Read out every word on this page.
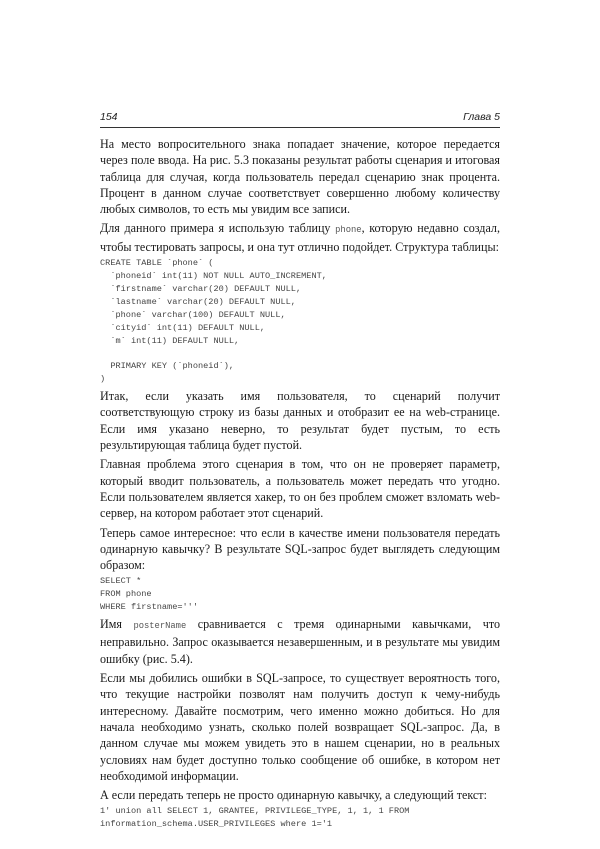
154	Глава 5

На место вопросительного знака попадает значение, которое передается через поле ввода. На рис. 5.3 показаны результат работы сценария и итоговая таблица для случая, когда пользователь передал сценарию знак процента. Процент в данном случае соответствует совершенно любому количеству любых символов, то есть мы увидим все записи.

Для данного примера я использую таблицу phone, которую недавно создал, чтобы тестировать запросы, и она тут отлично подойдет. Структура таблицы:

CREATE TABLE `phone` (
`phoneid` int(11) NOT NULL AUTO_INCREMENT,
`firstname` varchar(20) DEFAULT NULL,
`lastname` varchar(20) DEFAULT NULL,
`phone` varchar(100) DEFAULT NULL,
`cityid` int(11) DEFAULT NULL,
`m` int(11) DEFAULT NULL,

PRIMARY KEY (`phoneid`),
)

Итак, если указать имя пользователя, то сценарий получит соответствующую строку из базы данных и отобразит ее на web-странице. Если имя указано неверно, то результат будет пустым, то есть результирующая таблица будет пустой.

Главная проблема этого сценария в том, что он не проверяет параметр, который вводит пользователь, а пользователь может передать что угодно. Если пользователем является хакер, то он без проблем сможет взломать web-сервер, на котором работает этот сценарий.

Теперь самое интересное: что если в качестве имени пользователя передать одинарную кавычку? В результате SQL-запрос будет выглядеть следующим образом:

SELECT *
FROM phone
WHERE firstname='''

Имя posterName сравнивается с тремя одинарными кавычками, что неправильно. Запрос оказывается незавершенным, и в результате мы увидим ошибку (рис. 5.4).

Если мы добились ошибки в SQL-запросе, то существует вероятность того, что текущие настройки позволят нам получить доступ к чему-нибудь интересному. Давайте посмотрим, чего именно можно добиться. Но для начала необходимо узнать, сколько полей возвращает SQL-запрос. Да, в данном случае мы можем увидеть это в нашем сценарии, но в реальных условиях нам будет доступно только сообщение об ошибке, в котором нет необходимой информации.

А если передать теперь не просто одинарную кавычку, а следующий текст:

1' union all SELECT 1, GRANTEE, PRIVILEGE_TYPE, 1, 1, 1 FROM
information_schema.USER_PRIVILEGES where 1='1
